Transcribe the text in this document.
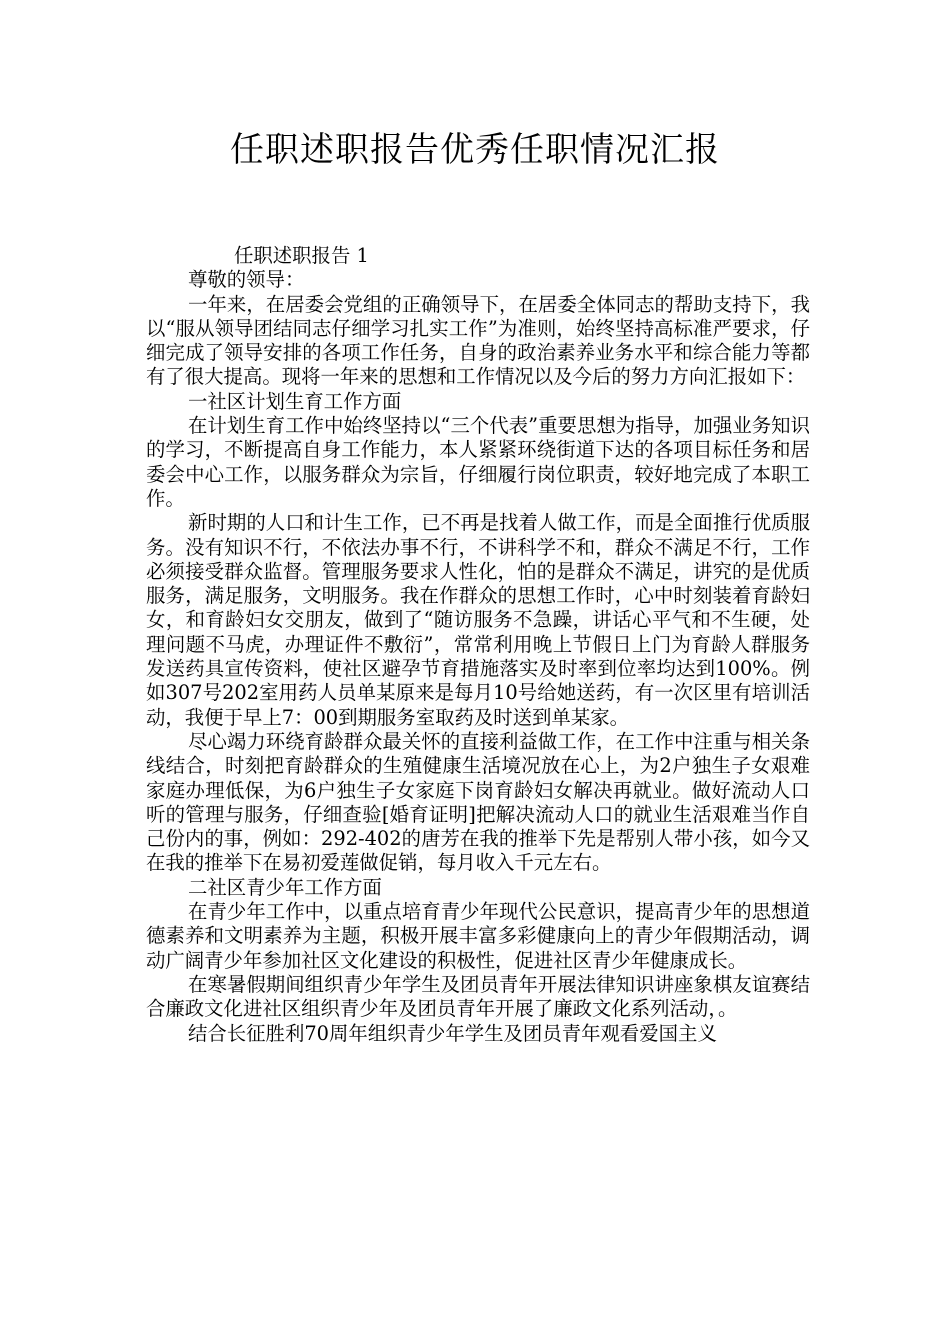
任职述职报告优秀任职情况汇报

任职述职报告 1

尊敬的领导：

一年来，在居委会党组的正确领导下，在居委全体同志的帮助支持下，我以“服从领导团结同志仔细学习扎实工作”为准则，始终坚持高标准严要求，仔细完成了领导安排的各项工作任务，自身的政治素养业务水平和综合能力等都有了很大提高。现将一年来的思想和工作情况以及今后的努力方向汇报如下：

一社区计划生育工作方面

在计划生育工作中始终坚持以“三个代表”重要思想为指导，加强业务知识的学习，不断提高自身工作能力，本人紧紧环绕街道下达的各项目标任务和居委会中心工作，以服务群众为宗旨，仔细履行岗位职责，较好地完成了本职工作。

新时期的人口和计生工作，已不再是找着人做工作，而是全面推行优质服务。没有知识不行，不依法办事不行，不讲科学不和，群众不满足不行，工作必须接受群众监督。管理服务要求人性化，怕的是群众不满足，讲究的是优质服务，满足服务，文明服务。我在作群众的思想工作时，心中时刻装着育龄妇女，和育龄妇女交朋友，做到了“随访服务不急躁，讲话心平气和不生硬，处理问题不马虎，办理证件不敷衍”，常常利用晚上节假日上门为育龄人群服务发送药具宣传资料，使社区避孕节育措施落实及时率到位率均达到100%。例如307号202室用药人员单某原来是每月10号给她送药，有一次区里有培训活动，我便于早上7：00到期服务室取药及时送到单某家。

尽心竭力环绕育龄群众最关怀的直接利益做工作，在工作中注重与相关条线结合，时刻把育龄群众的生殖健康生活境况放在心上，为2户独生子女艰难家庭办理低保，为6户独生子女家庭下岗育龄妇女解决再就业。做好流动人口听的管理与服务，仔细查验[婚育证明]把解决流动人口的就业生活艰难当作自己份内的事，例如：292-402的唐芳在我的推举下先是帮别人带小孩，如今又在我的推举下在易初爱莲做促销，每月收入千元左右。

二社区青少年工作方面

在青少年工作中，以重点培育青少年现代公民意识，提高青少年的思想道德素养和文明素养为主题，积极开展丰富多彩健康向上的青少年假期活动，调动广阔青少年参加社区文化建设的积极性，促进社区青少年健康成长。

在寒暑假期间组织青少年学生及团员青年开展法律知识讲座象棋友谊赛结合廉政文化进社区组织青少年及团员青年开展了廉政文化系列活动，。

结合长征胜利70周年组织青少年学生及团员青年观看爱国主义
